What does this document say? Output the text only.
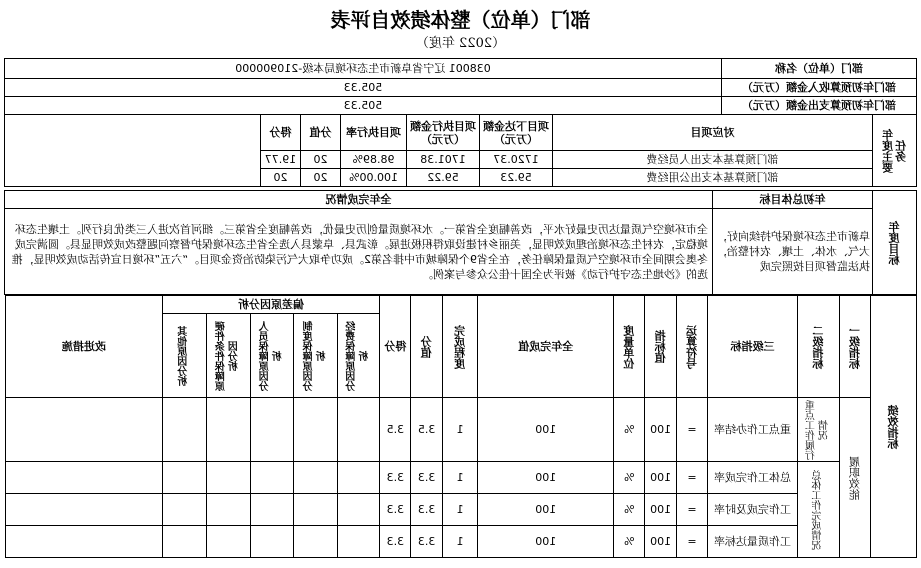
部门（单位）整体绩效自评表
（2022 年度）
部门（单位）名称	038001 辽宁省阜新市生态环境局本级-210900000
部门年初预算收入金额（万元）	505.33
部门年初预算支出金额（万元）	505.33
年度主要任务	对应项目	项目下达金额（万元）	项目执行金额（万元）	项目执行率	分值	得分	
	部门预算基本支出人员经费	1720.37	1701.38	98.89%	20	19.77	
	部门预算基本支出公用经费	59.23	59.22	100.00%	20	20	
年度目标	年初总体目标	全年完成情况
	阜新市生态环境保护持续向好，大气、水体、土壤、农村整治，执法监督项目按照完成	全市环境空气质量达历史最好水平，改善幅度全省第一。水环境质量创历史最优，改善幅度全省第三。细河首次进入三类优良行列。土壤生态环境稳定，农村生态环境治理成效明显，美丽乡村建设取得积极进展。彰武县、阜蒙县入选全省生态环境保护督察问题整改成效明显县。圆满完成冬奥会期间全市环境空气质量保障任务，在全省9个保障城市中排名第2。成功争取大气污染防治资金项目。“六五”环境日宣传活动成效明显，推选的《沙地生态守护行动》被评为全国十佳公众参与案例。
绩效指标	一级指标	二级指标	三级指标	运算符号	指标值	度量单位	全年完成值	完成程度	分值	得分	偏差原因分析					改进措施

											经费保障原因分析	制度保障原因分析	人员保障原因分析	硬件条件保障原因分析	其他原因分析	

	履职效能	重点工作履行情况	重点工作办结率	=	100	%	100	1	3.5	3.5						

		总体工作完成情况	总体工作完成率	=	100	%	100	1	3.3	3.3						
			工作完成及时率	=	100	%	100	1	3.3	3.3						
			工作质量达标率	=	100	%	100	1	3.3	3.3						
